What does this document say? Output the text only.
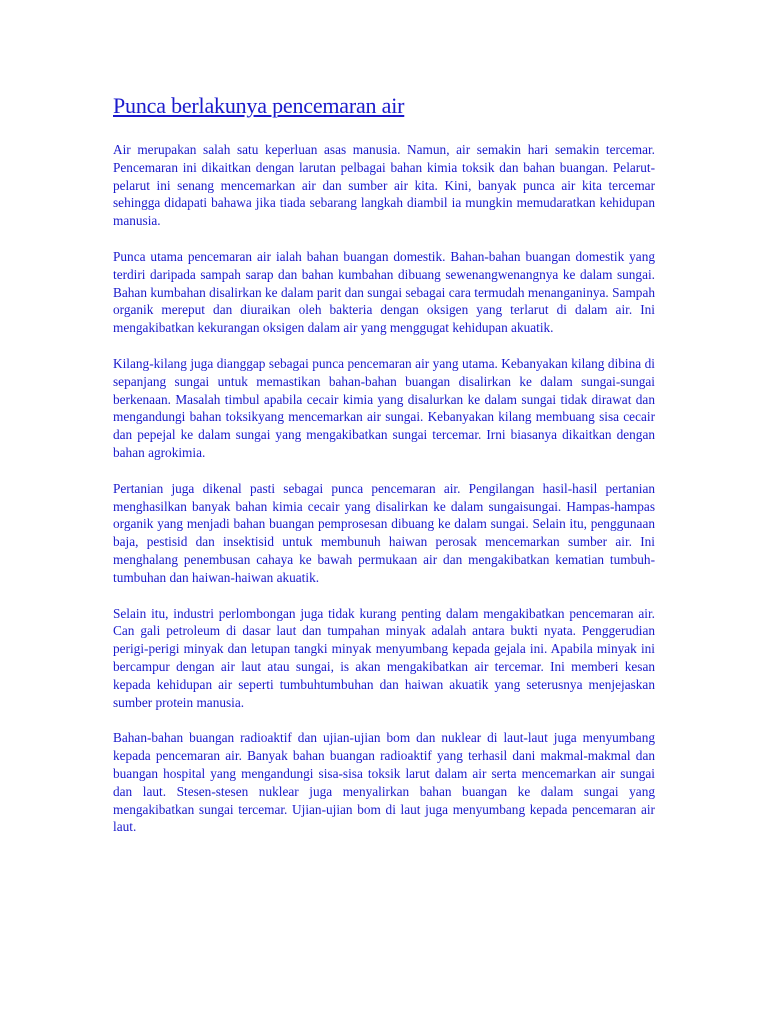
Punca berlakunya pencemaran air

Air merupakan salah satu keperluan asas manusia. Namun, air semakin hari semakin tercemar. Pencemaran ini dikaitkan dengan larutan pelbagai bahan kimia toksik dan bahan buangan. Pelarut-pelarut ini senang mencemarkan air dan sumber air kita. Kini, banyak punca air kita tercemar sehingga didapati bahawa jika tiada sebarang langkah diambil ia mungkin memudaratkan kehidupan manusia.

Punca utama pencemaran air ialah bahan buangan domestik. Bahan-bahan buangan domestik yang terdiri daripada sampah sarap dan bahan kumbahan dibuang sewenangwenangnya ke dalam sungai. Bahan kumbahan disalirkan ke dalam parit dan sungai sebagai cara termudah menanganinya. Sampah organik mereput dan diuraikan oleh bakteria dengan oksigen yang terlarut di dalam air. Ini mengakibatkan kekurangan oksigen dalam air yang menggugat kehidupan akuatik.

Kilang-kilang juga dianggap sebagai punca pencemaran air yang utama. Kebanyakan kilang dibina di sepanjang sungai untuk memastikan bahan-bahan buangan disalirkan ke dalam sungai-sungai berkenaan. Masalah timbul apabila cecair kimia yang disalurkan ke dalam sungai tidak dirawat dan mengandungi bahan toksikyang mencemarkan air sungai. Kebanyakan kilang membuang sisa cecair dan pepejal ke dalam sungai yang mengakibatkan sungai tercemar. Irni biasanya dikaitkan dengan bahan agrokimia.

Pertanian juga dikenal pasti sebagai punca pencemaran air. Pengilangan hasil-hasil pertanian menghasilkan banyak bahan kimia cecair yang disalirkan ke dalam sungaisungai. Hampas-hampas organik yang menjadi bahan buangan pemprosesan dibuang ke dalam sungai. Selain itu, penggunaan baja, pestisid dan insektisid untuk membunuh haiwan perosak mencemarkan sumber air. Ini menghalang penembusan cahaya ke bawah permukaan air dan mengakibatkan kematian tumbuh-tumbuhan dan haiwan-haiwan akuatik.

Selain itu, industri perlombongan juga tidak kurang penting dalam mengakibatkan pencemaran air. Can gali petroleum di dasar laut dan tumpahan minyak adalah antara bukti nyata. Penggerudian perigi-perigi minyak dan letupan tangki minyak menyumbang kepada gejala ini. Apabila minyak ini bercampur dengan air laut atau sungai, is akan mengakibatkan air tercemar. Ini memberi kesan kepada kehidupan air seperti tumbuhtumbuhan dan haiwan akuatik yang seterusnya menjejaskan sumber protein manusia.

Bahan-bahan buangan radioaktif dan ujian-ujian bom dan nuklear di laut-laut juga menyumbang kepada pencemaran air. Banyak bahan buangan radioaktif yang terhasil dani makmal-makmal dan buangan hospital yang mengandungi sisa-sisa toksik larut dalam air serta mencemarkan air sungai dan laut. Stesen-stesen nuklear juga menyalirkan bahan buangan ke dalam sungai yang mengakibatkan sungai tercemar. Ujian-ujian bom di laut juga menyumbang kepada pencemaran air laut.
